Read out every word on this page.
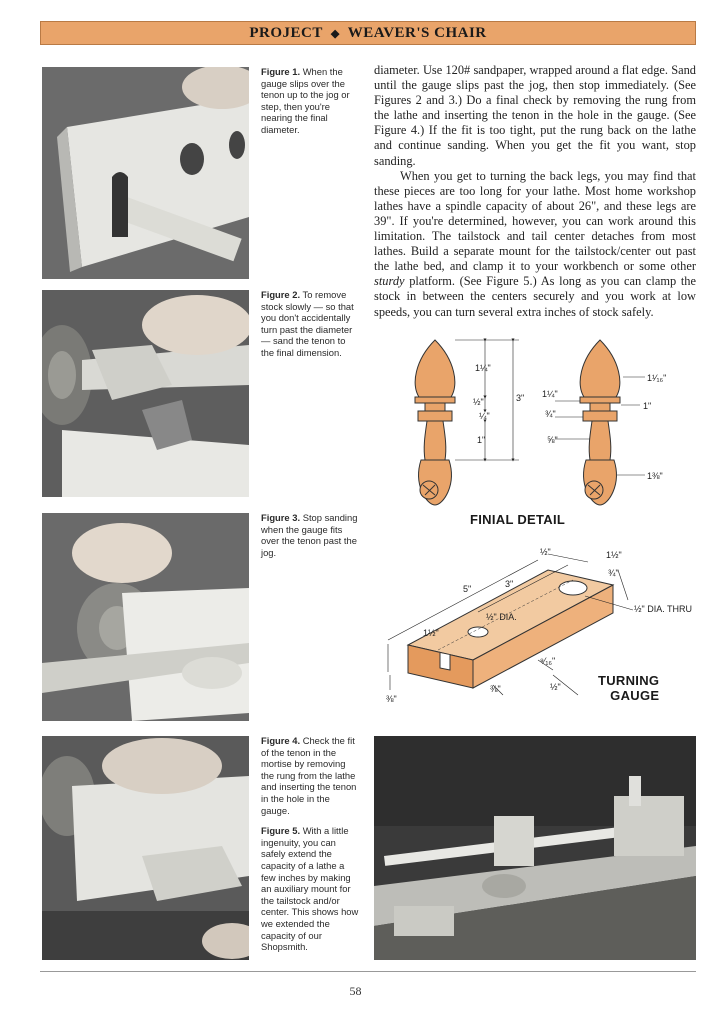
PROJECT ◆ WEAVER'S CHAIR

Figure 1. When the gauge slips over the tenon up to the jog or step, then you're nearing the final diameter.

Figure 2. To remove stock slowly — so that you don't accidentally turn past the diameter — sand the tenon to the final dimension.

Figure 3. Stop sanding when the gauge fits over the tenon past the jog.

Figure 4. Check the fit of the tenon in the mortise by removing the rung from the lathe and inserting the tenon in the hole in the gauge.

Figure 5. With a little ingenuity, you can safely extend the capacity of a lathe a few inches by making an auxiliary mount for the tailstock and/or center. This shows how we extended the capacity of our Shopsmith.

diameter. Use 120# sandpaper, wrapped around a flat edge. Sand until the gauge slips past the jog, then stop immediately. (See Figures 2 and 3.) Do a final check by removing the rung from the lathe and inserting the tenon in the hole in the gauge. (See Figure 4.) If the fit is too tight, put the rung back on the lathe and continue sanding. When you get the fit you want, stop sanding.

When you get to turning the back legs, you may find that these pieces are too long for your lathe. Most home workshop lathes have a spindle capacity of about 26", and these legs are 39". If you're determined, however, you can work around this limitation. The tailstock and tail center detaches from most lathes. Build a separate mount for the tailstock/center out past the lathe bed, and clamp it to your workbench or some other sturdy platform. (See Figure 5.) As long as you can clamp the stock in between the centers securely and you work at low speeds, you can turn several extra inches of stock safely.

1¼"
½"
¼"
1"
3"
1¹⁄₁₆"
1"
1¼"
¾"
⅝"
1⅜"
FINIAL DETAIL
5"	3"
½"	1½"
¾"
½" DIA. THRU
½" DIA.
1½"
⅜"
⁹⁄₁₆"
⅜"	½"	TURNING
GAUGE
58
